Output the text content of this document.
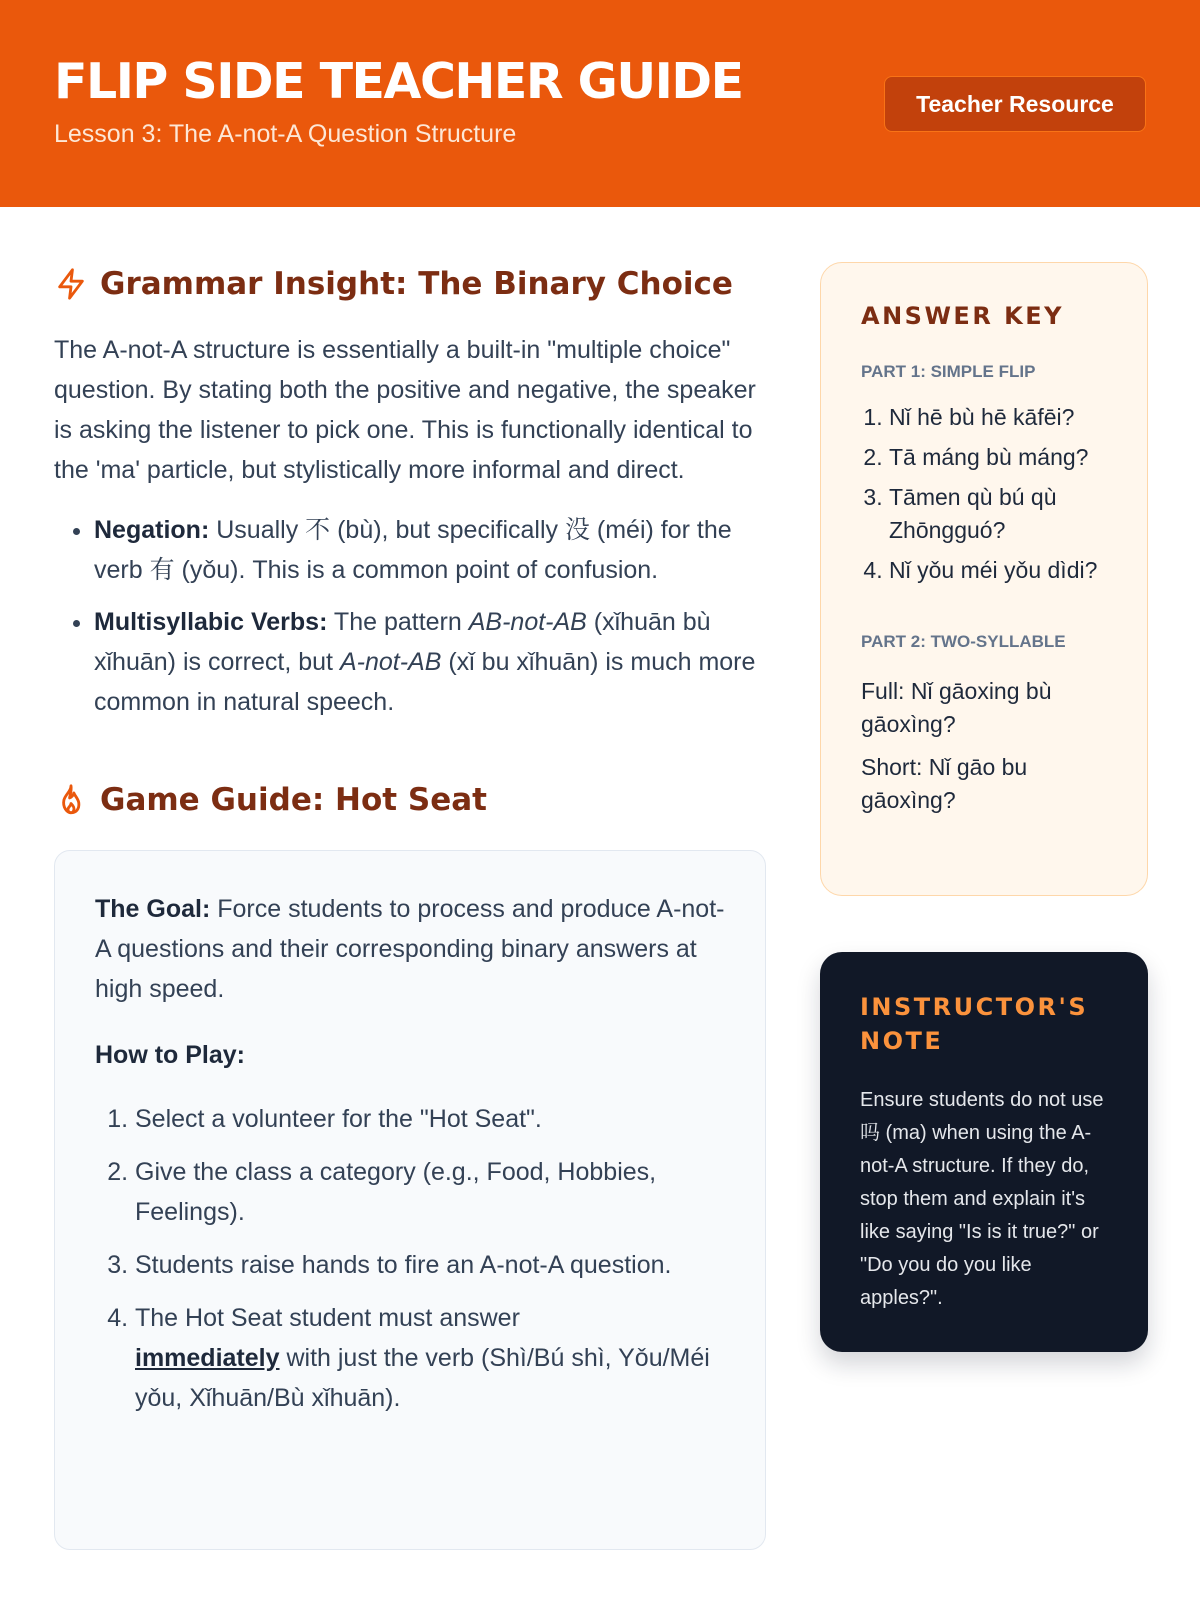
FLIP SIDE TEACHER GUIDE
Lesson 3: The A-not-A Question Structure
Teacher Resource
Grammar Insight: The Binary Choice

The A-not-A structure is essentially a built-in "multiple choice" question. By stating both the positive and negative, the speaker is asking the listener to pick one. This is functionally identical to the 'ma' particle, but stylistically more informal and direct.

• Negation: Usually 不 (bù), but specifically 没 (méi) for the verb 有 (yǒu). This is a common point of confusion.
• Multisyllabic Verbs: The pattern AB-not-AB (xǐhuān bù xǐhuān) is correct, but A-not-AB (xǐ bu xǐhuān) is much more common in natural speech.
Game Guide: Hot Seat

The Goal: Force students to process and produce A-not-A questions and their corresponding binary answers at high speed.

How to Play:
1. Select a volunteer for the "Hot Seat".
2. Give the class a category (e.g., Food, Hobbies, Feelings).
3. Students raise hands to fire an A-not-A question.
4. The Hot Seat student must answer
immediately with just the verb (Shì/Bú shì, Yǒu/Méi yǒu, Xǐhuān/Bù xǐhuān).
ANSWER KEY
PART 1: SIMPLE FLIP
1. Nǐ hē bù hē kāfēi?
2. Tā máng bù máng?
3. Tāmen qù bú qù Zhōngguó?
4. Nǐ yǒu méi yǒu dìdi?
PART 2: TWO-SYLLABLE
Full: Nǐ gāoxing bù gāoxìng?
Short: Nǐ gāo bu gāoxìng?
INSTRUCTOR'S NOTE
Ensure students do not use 吗 (ma) when using the A-not-A structure. If they do, stop them and explain it's like saying "Is is it true?" or "Do you do you like apples?".
